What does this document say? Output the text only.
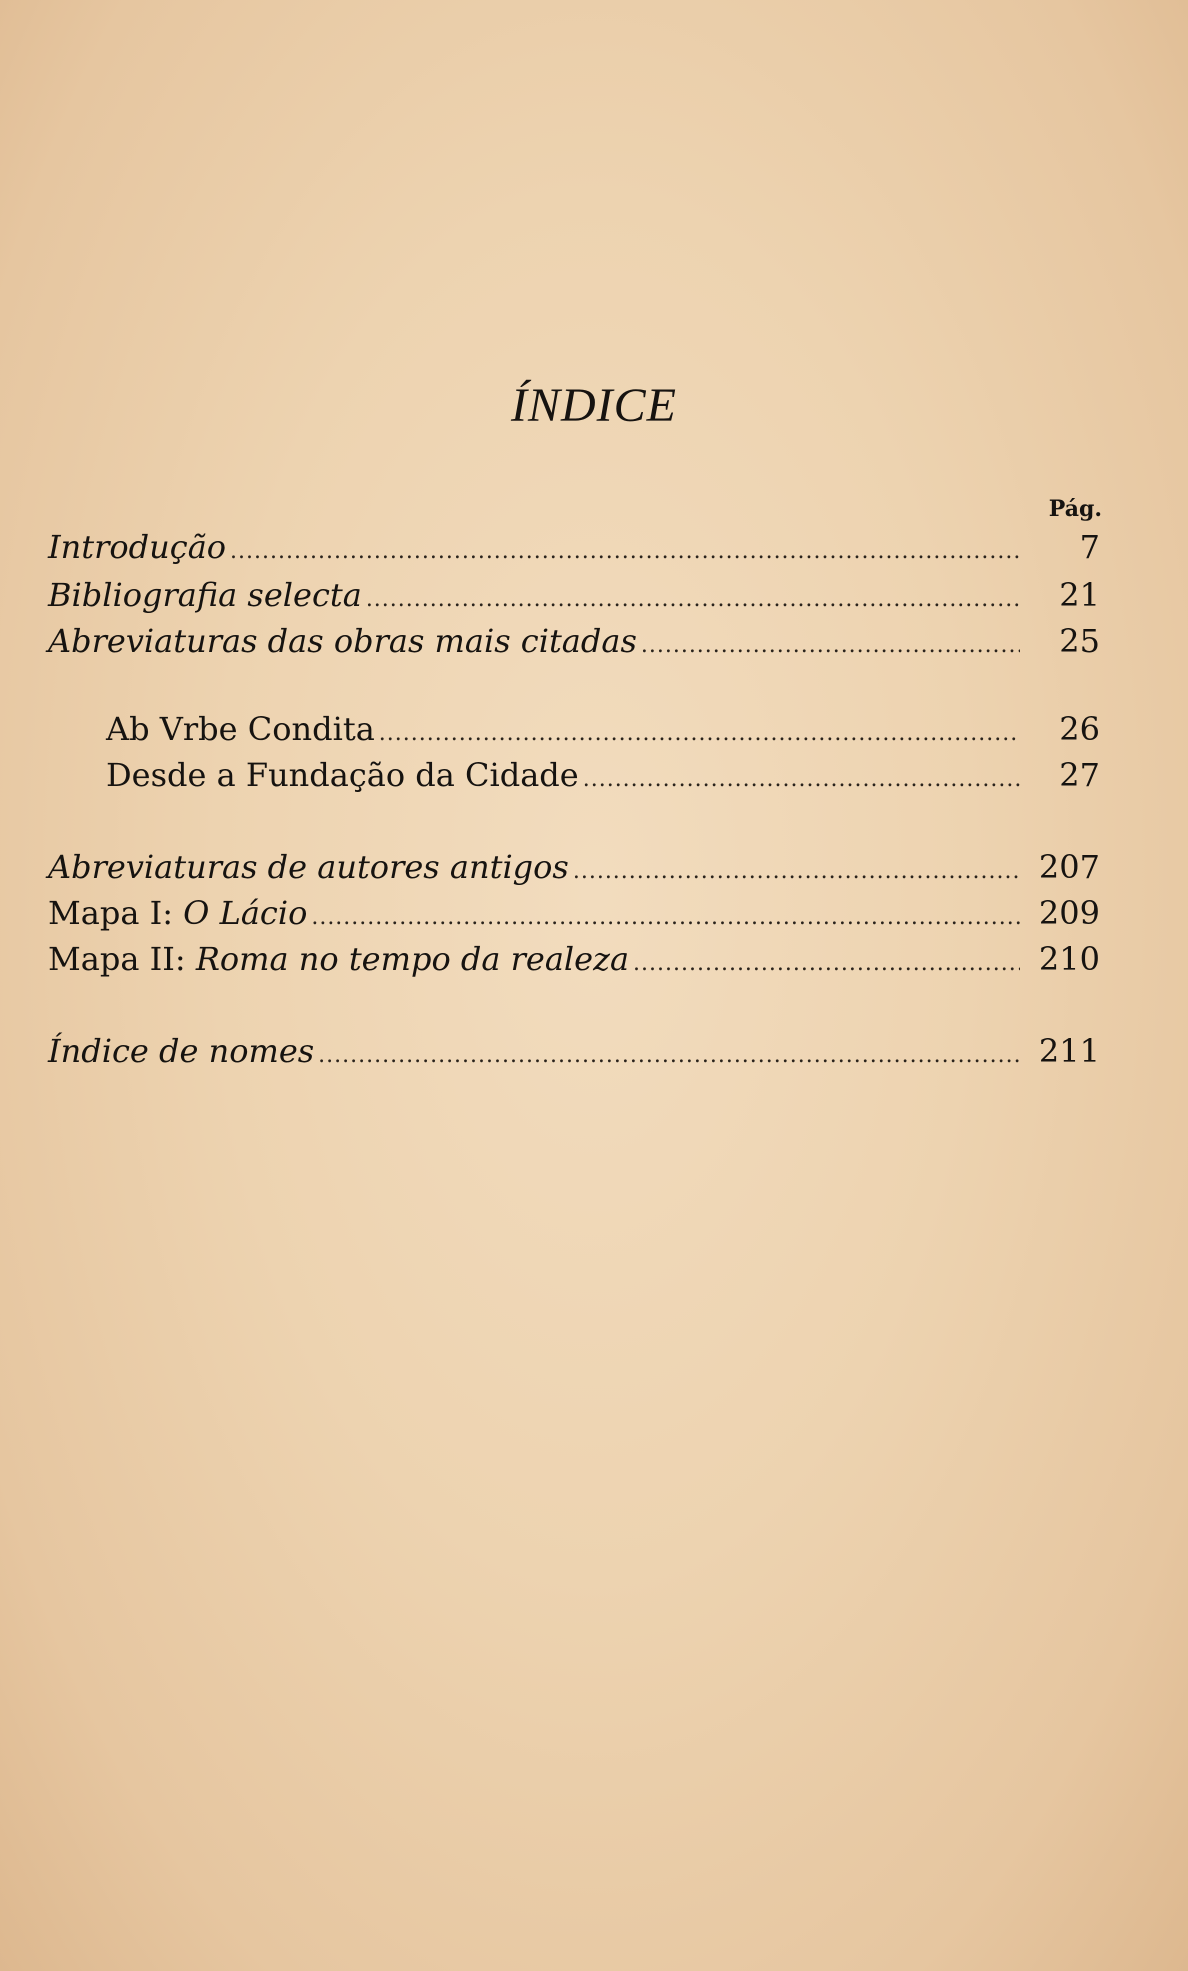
ÍNDICE
Pág.
Introdução .....	7
Bibliografia selecta .....	21
Abreviaturas das obras mais citadas .....	25
Ab Vrbe Condita .....	26
Desde a Fundação da Cidade .....	27
Abreviaturas de autores antigos .....	207
Mapa I: O Lácio .....	209
Mapa II: Roma no tempo da realeza .....	210
Índice de nomes .....	211
